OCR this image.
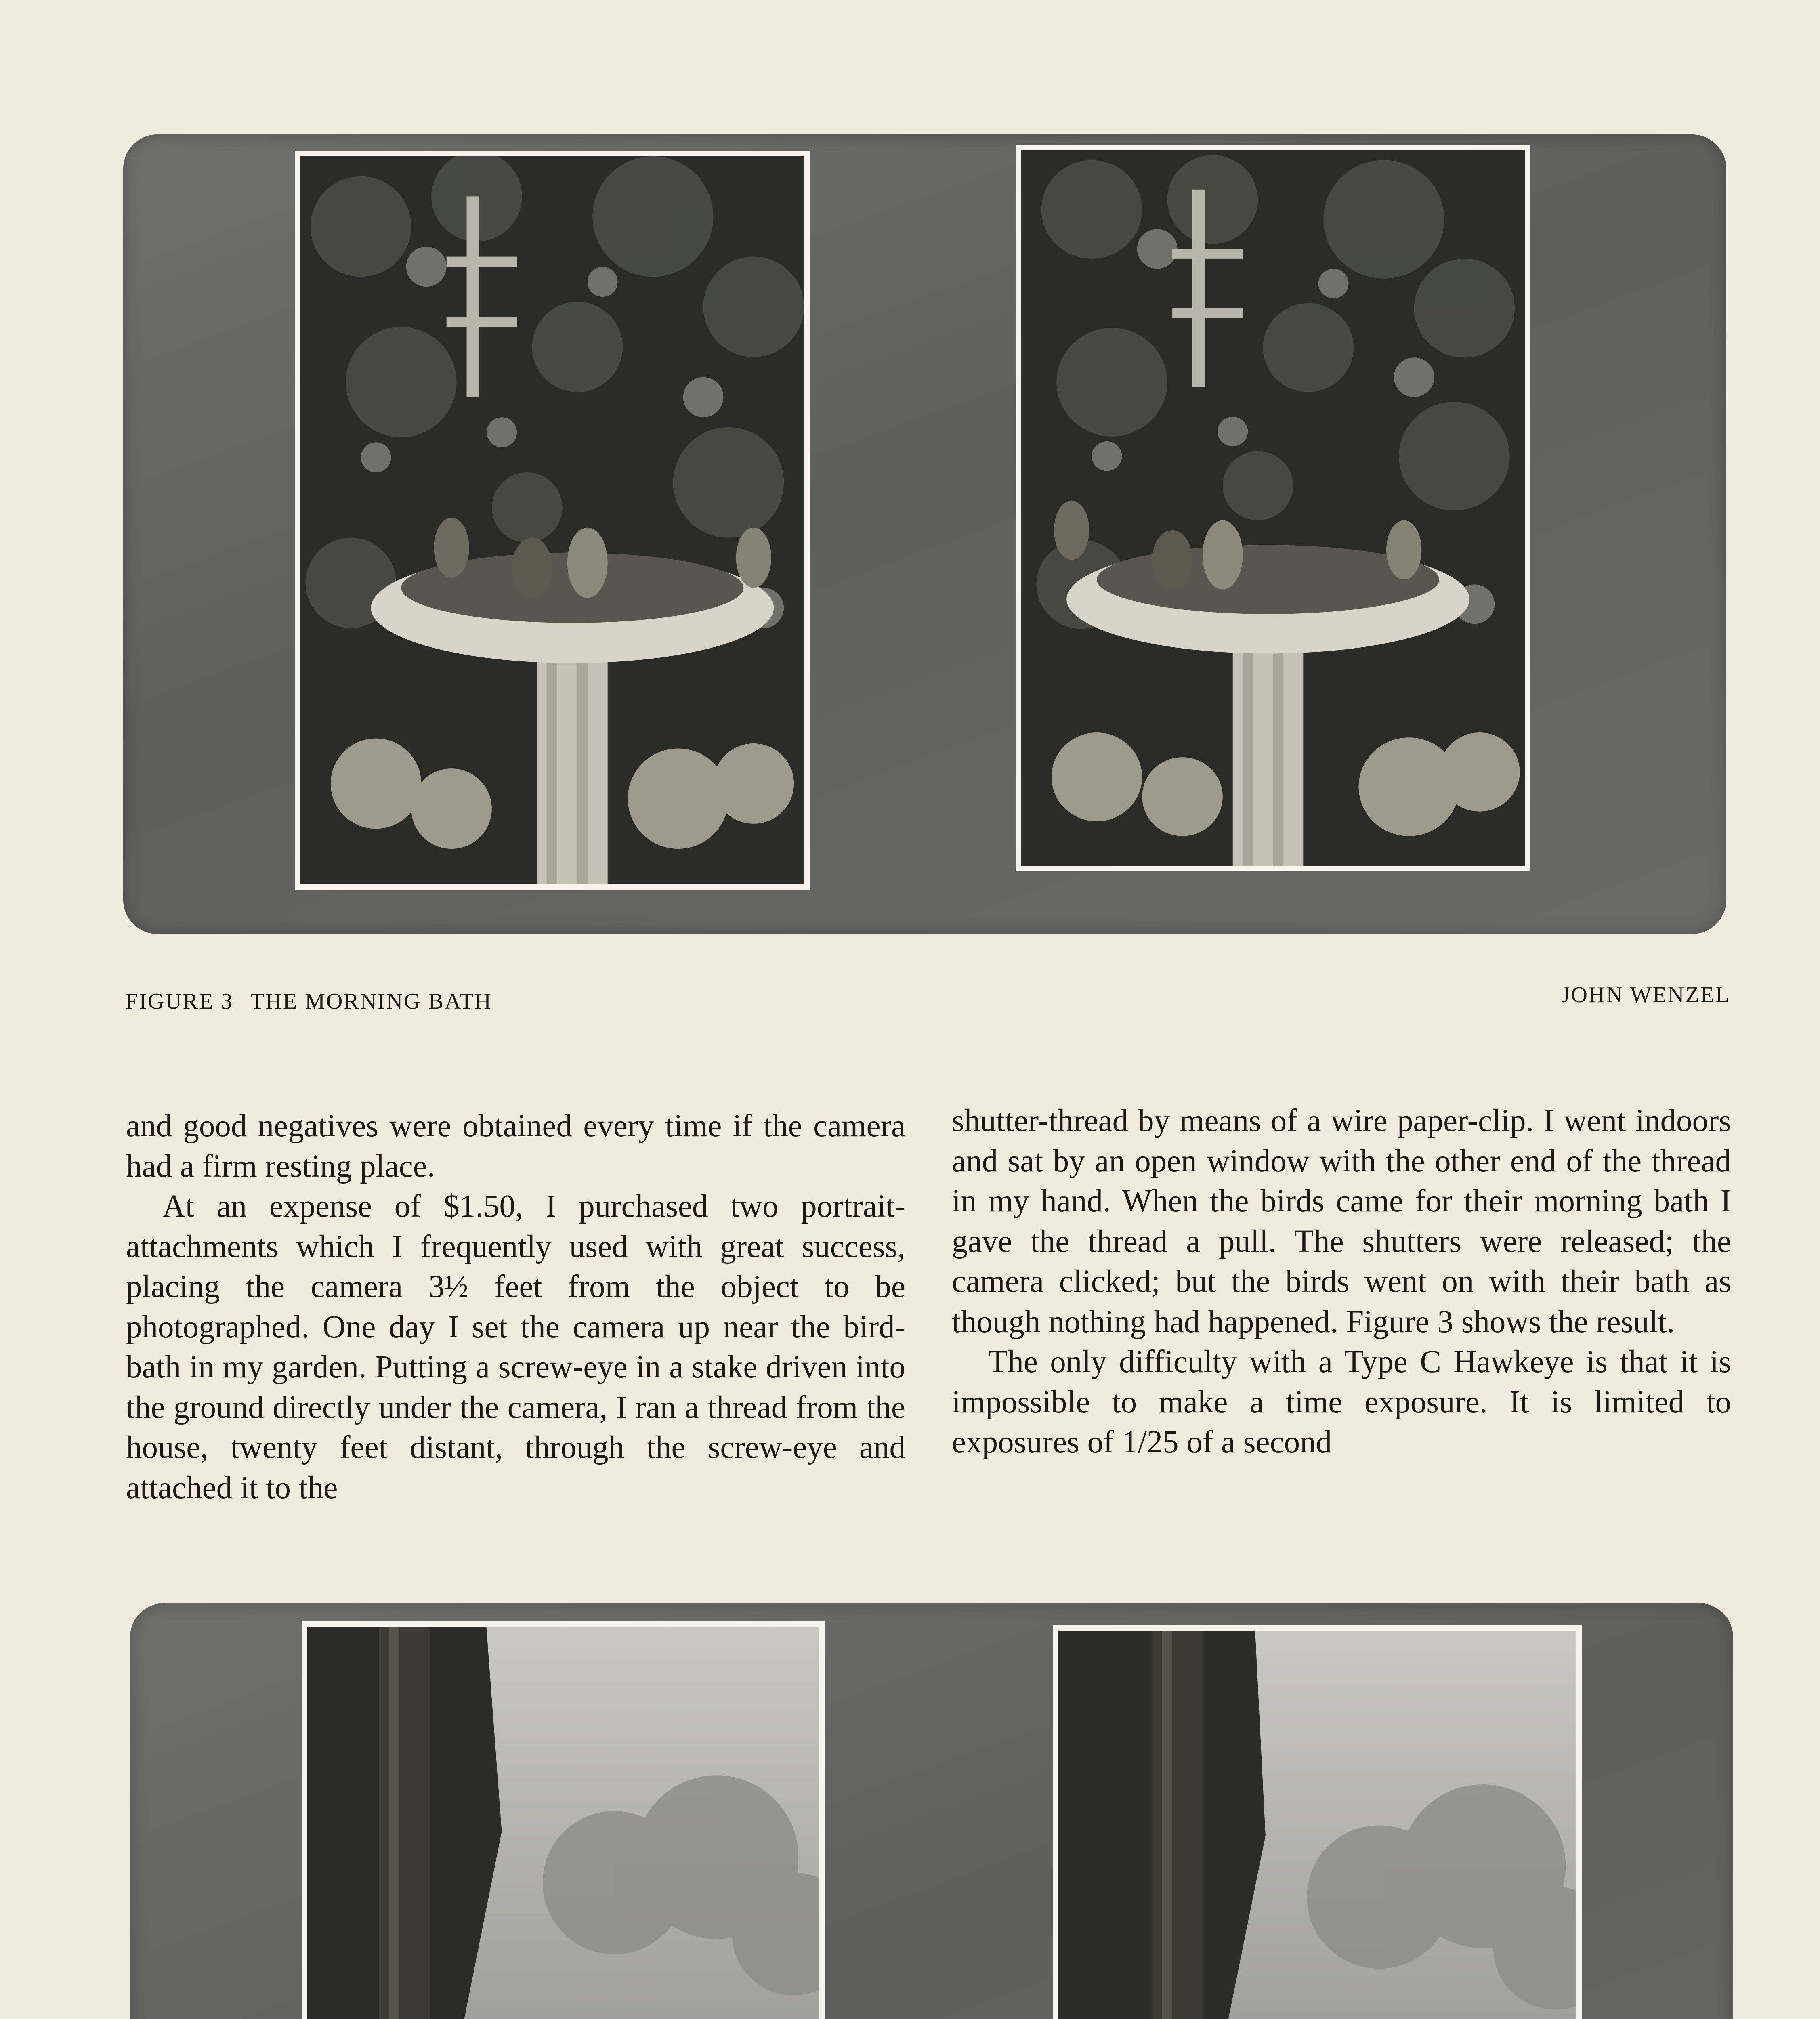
FIGURE 3 THE MORNING BATH	JOHN WENZEL

and good negatives were obtained every time if the camera had a firm resting place.

At an expense of $1.50, I purchased two portrait-attachments which I frequently used with great success, placing the camera 3½ feet from the object to be photographed. One day I set the camera up near the bird-bath in my garden. Putting a screw-eye in a stake driven into the ground directly under the camera, I ran a thread from the house, twenty feet distant, through the screw-eye and attached it to the

shutter-thread by means of a wire paper-clip. I went indoors and sat by an open window with the other end of the thread in my hand. When the birds came for their morning bath I gave the thread a pull. The shutters were released; the camera clicked; but the birds went on with their bath as though nothing had happened. Figure 3 shows the result.

The only difficulty with a Type C Hawkeye is that it is impossible to make a time exposure. It is limited to exposures of 1/25 of a second
